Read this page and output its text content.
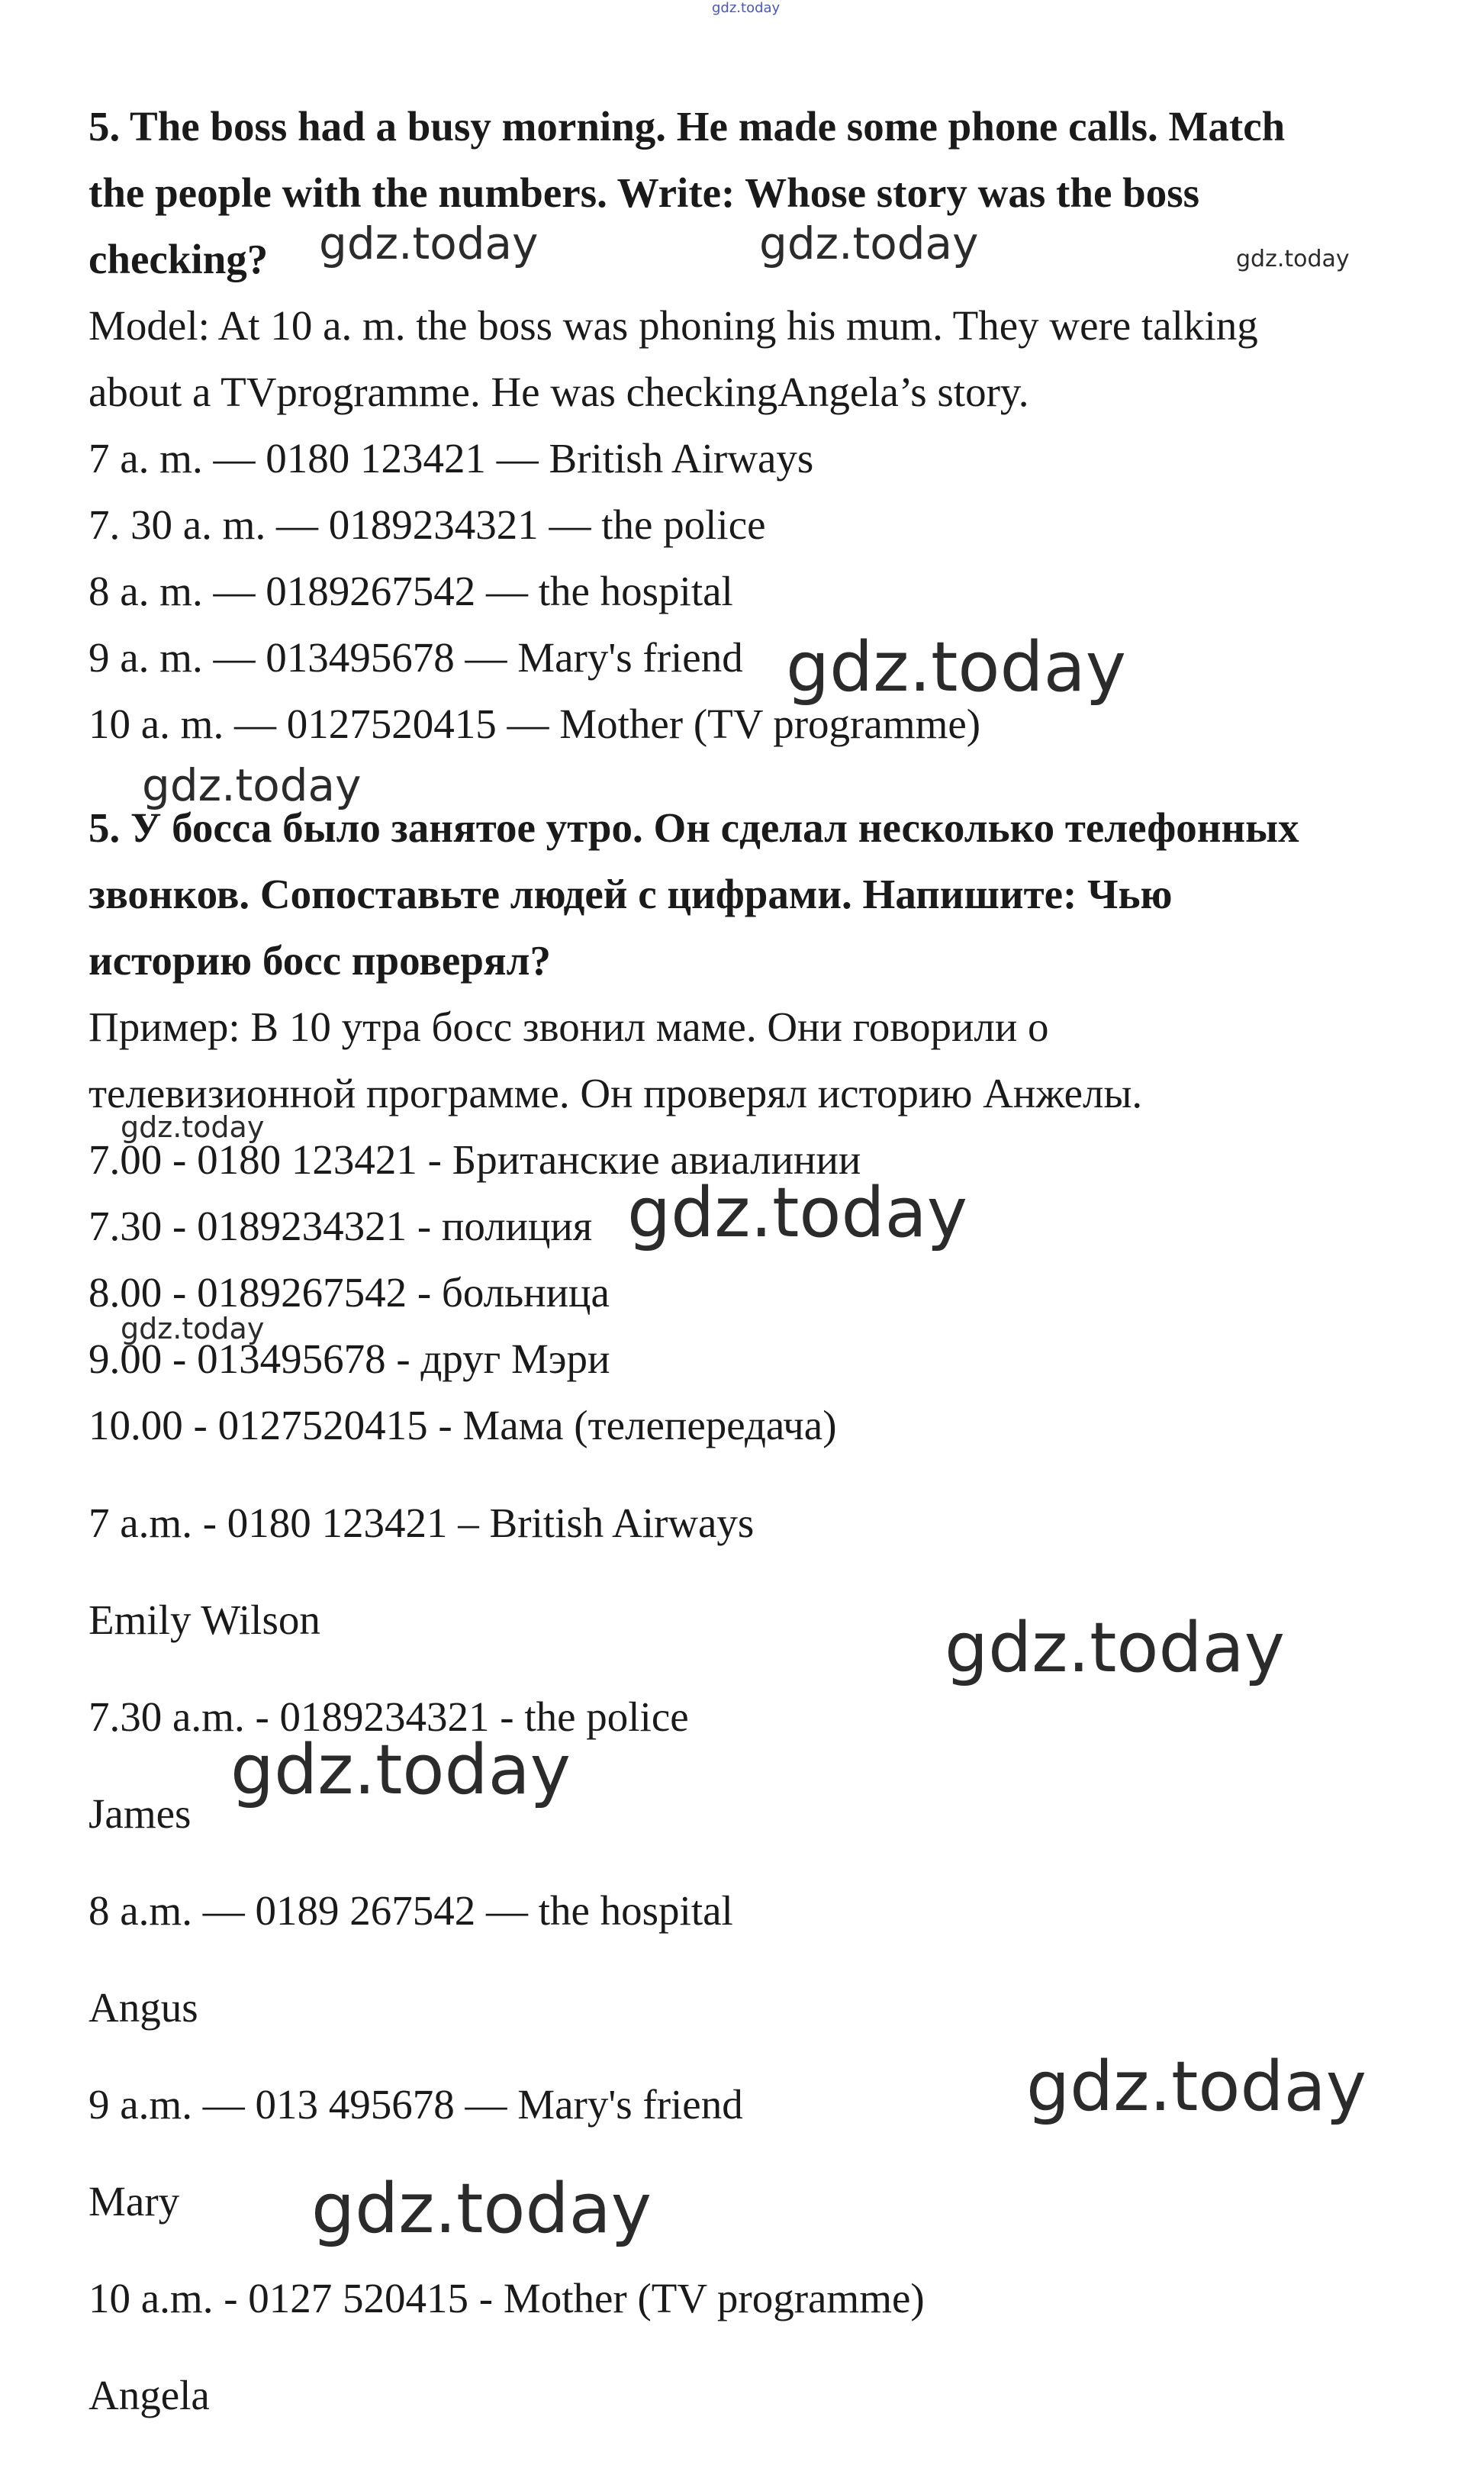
gdz.today
5. The boss had a busy morning. He made some phone calls. Match
the people with the numbers. Write: Whose story was the boss
checking?
Model: At 10 a. m. the boss was phoning his mum. They were talking
about a TVprogramme. He was checkingAngela’s story.
7 a. m. — 0180 123421 — British Airways
7. 30 a. m. — 0189234321 — the police
8 a. m. — 0189267542 — the hospital
9 a. m. — 013495678 — Mary's friend
10 a. m. — 0127520415 — Mother (TV programme)
5. У босса было занятое утро. Он сделал несколько телефонных
звонков. Сопоставьте людей с цифрами. Напишите: Чью
историю босс проверял?
Пример: В 10 утра босс звонил маме. Они говорили о
телевизионной программе. Он проверял историю Анжелы.
7.00 - 0180 123421 - Британские авиалинии
7.30 - 0189234321 - полиция
8.00 - 0189267542 - больница
9.00 - 013495678 - друг Мэри
10.00 - 0127520415 - Мама (телепередача)
7 a.m. - 0180 123421 – British Airways
Emily Wilson
7.30 a.m. - 0189234321 - the police
James
8 a.m. — 0189 267542 — the hospital
Angus
9 a.m. — 013 495678 — Mary's friend
Mary
10 a.m. - 0127 520415 - Mother (TV programme)
Angela
gdz.today	gdz.today	gdz.today
gdz.today
gdz.today
gdz.today
gdz.today
gdz.today
gdz.today
gdz.today
gdz.today
gdz.today
